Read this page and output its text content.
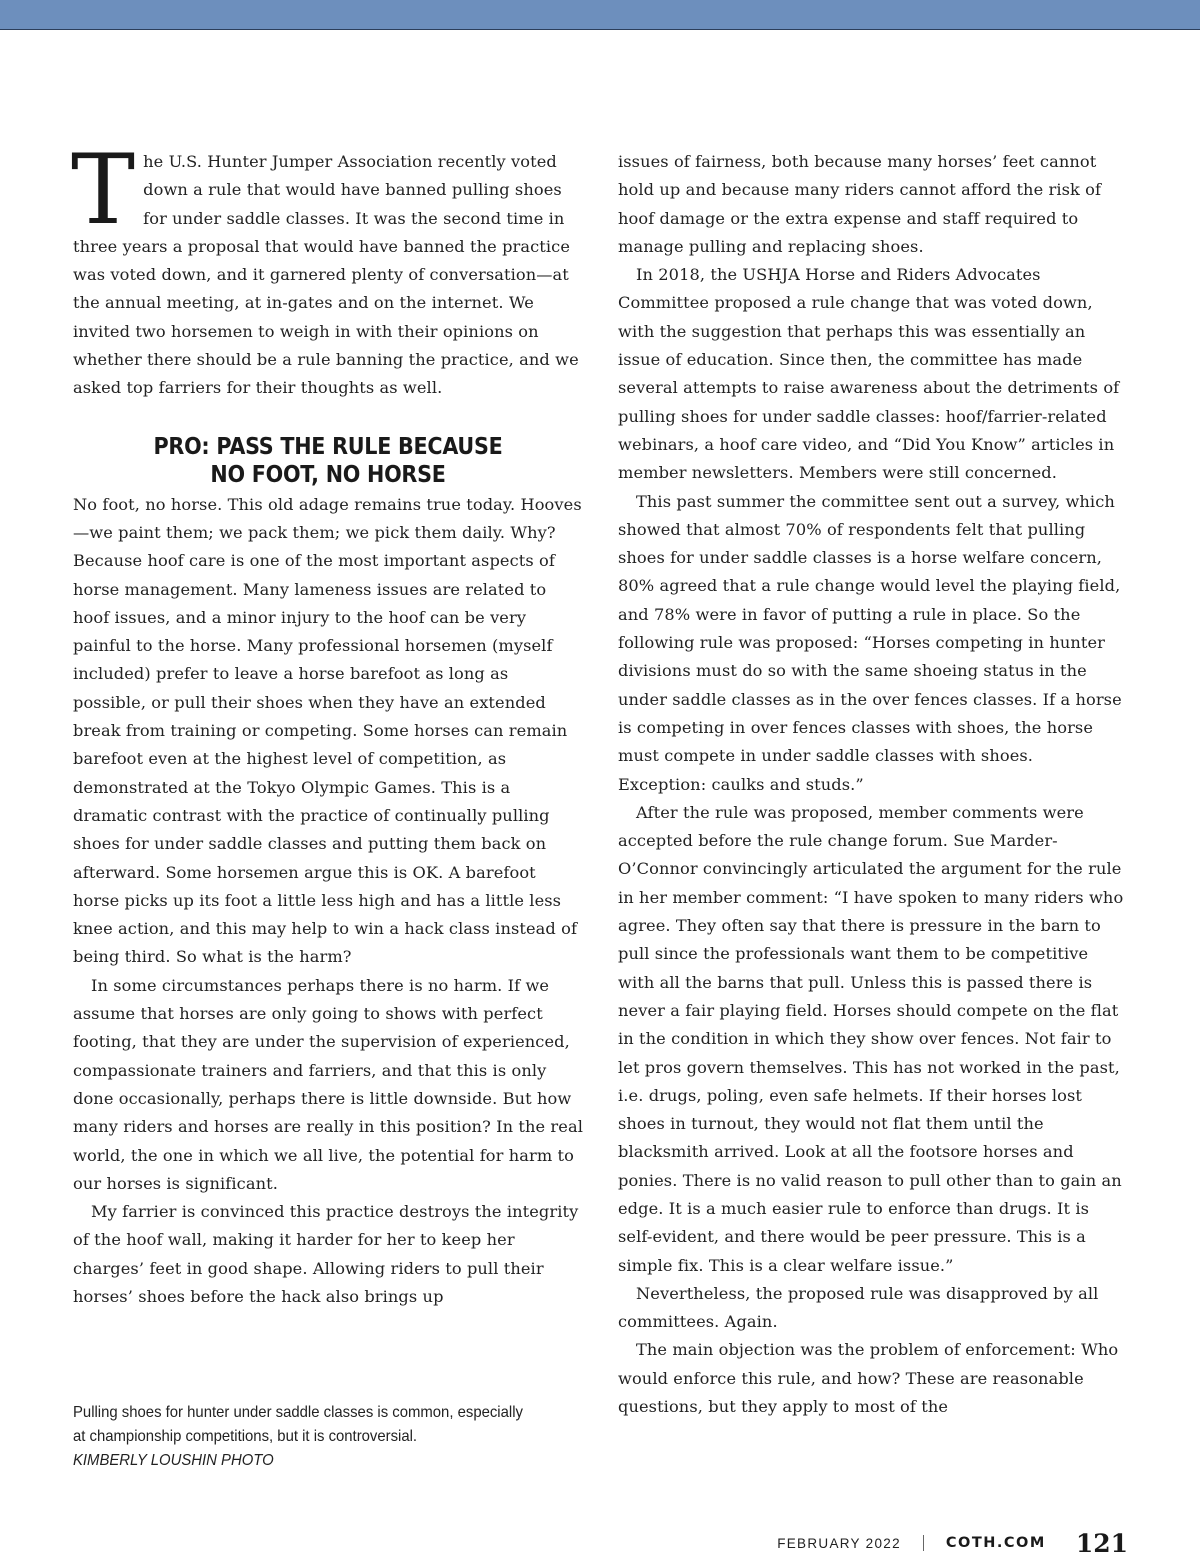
The U.S. Hunter Jumper Association recently voted down a rule that would have banned pulling shoes for under saddle classes. It was the second time in three years a proposal that would have banned the practice was voted down, and it garnered plenty of conversation—at the annual meeting, at in-gates and on the internet. We invited two horsemen to weigh in with their opinions on whether there should be a rule banning the practice, and we asked top farriers for their thoughts as well.
PRO: PASS THE RULE BECAUSE
NO FOOT, NO HORSE

No foot, no horse. This old adage remains true today. Hooves—we paint them; we pack them; we pick them daily. Why? Because hoof care is one of the most important aspects of horse management. Many lameness issues are related to hoof issues, and a minor injury to the hoof can be very painful to the horse. Many professional horsemen (myself included) prefer to leave a horse barefoot as long as possible, or pull their shoes when they have an extended break from training or competing. Some horses can remain barefoot even at the highest level of competition, as demonstrated at the Tokyo Olympic Games. This is a dramatic contrast with the practice of continually pulling shoes for under saddle classes and putting them back on afterward. Some horsemen argue this is OK. A barefoot horse picks up its foot a little less high and has a little less knee action, and this may help to win a hack class instead of being third. So what is the harm?

In some circumstances perhaps there is no harm. If we assume that horses are only going to shows with perfect footing, that they are under the supervision of experienced, compassionate trainers and farriers, and that this is only done occasionally, perhaps there is little downside. But how many riders and horses are really in this position? In the real world, the one in which we all live, the potential for harm to our horses is significant.

My farrier is convinced this practice destroys the integrity of the hoof wall, making it harder for her to keep her charges’ feet in good shape. Allowing riders to pull their horses’ shoes before the hack also brings up

issues of fairness, both because many horses’ feet cannot hold up and because many riders cannot afford the risk of hoof damage or the extra expense and staff required to manage pulling and replacing shoes.

In 2018, the USHJA Horse and Riders Advocates Committee proposed a rule change that was voted down, with the suggestion that perhaps this was essentially an issue of education. Since then, the committee has made several attempts to raise awareness about the detriments of pulling shoes for under saddle classes: hoof/farrier-related webinars, a hoof care video, and “Did You Know” articles in member newsletters. Members were still concerned.

This past summer the committee sent out a survey, which showed that almost 70% of respondents felt that pulling shoes for under saddle classes is a horse welfare concern, 80% agreed that a rule change would level the playing field, and 78% were in favor of putting a rule in place. So the following rule was proposed: “Horses competing in hunter divisions must do so with the same shoeing status in the under saddle classes as in the over fences classes. If a horse is competing in over fences classes with shoes, the horse must compete in under saddle classes with shoes. Exception: caulks and studs.”

After the rule was proposed, member comments were accepted before the rule change forum. Sue Marder-O’Connor convincingly articulated the argument for the rule in her member comment: “I have spoken to many riders who agree. They often say that there is pressure in the barn to pull since the professionals want them to be competitive with all the barns that pull. Unless this is passed there is never a fair playing field. Horses should compete on the flat in the condition in which they show over fences. Not fair to let pros govern themselves. This has not worked in the past, i.e. drugs, poling, even safe helmets. If their horses lost shoes in turnout, they would not flat them until the blacksmith arrived. Look at all the footsore horses and ponies. There is no valid reason to pull other than to gain an edge. It is a much easier rule to enforce than drugs. It is self-evident, and there would be peer pressure. This is a simple fix. This is a clear welfare issue.”

Nevertheless, the proposed rule was disapproved by all committees. Again.

The main objection was the problem of enforcement: Who would enforce this rule, and how? These are reasonable questions, but they apply to most of the

Pulling shoes for hunter under saddle classes is common, especially at championship competitions, but it is controversial.
KIMBERLY LOUSHIN PHOTO
FEBRUARY 2022	COTH.COM 121
